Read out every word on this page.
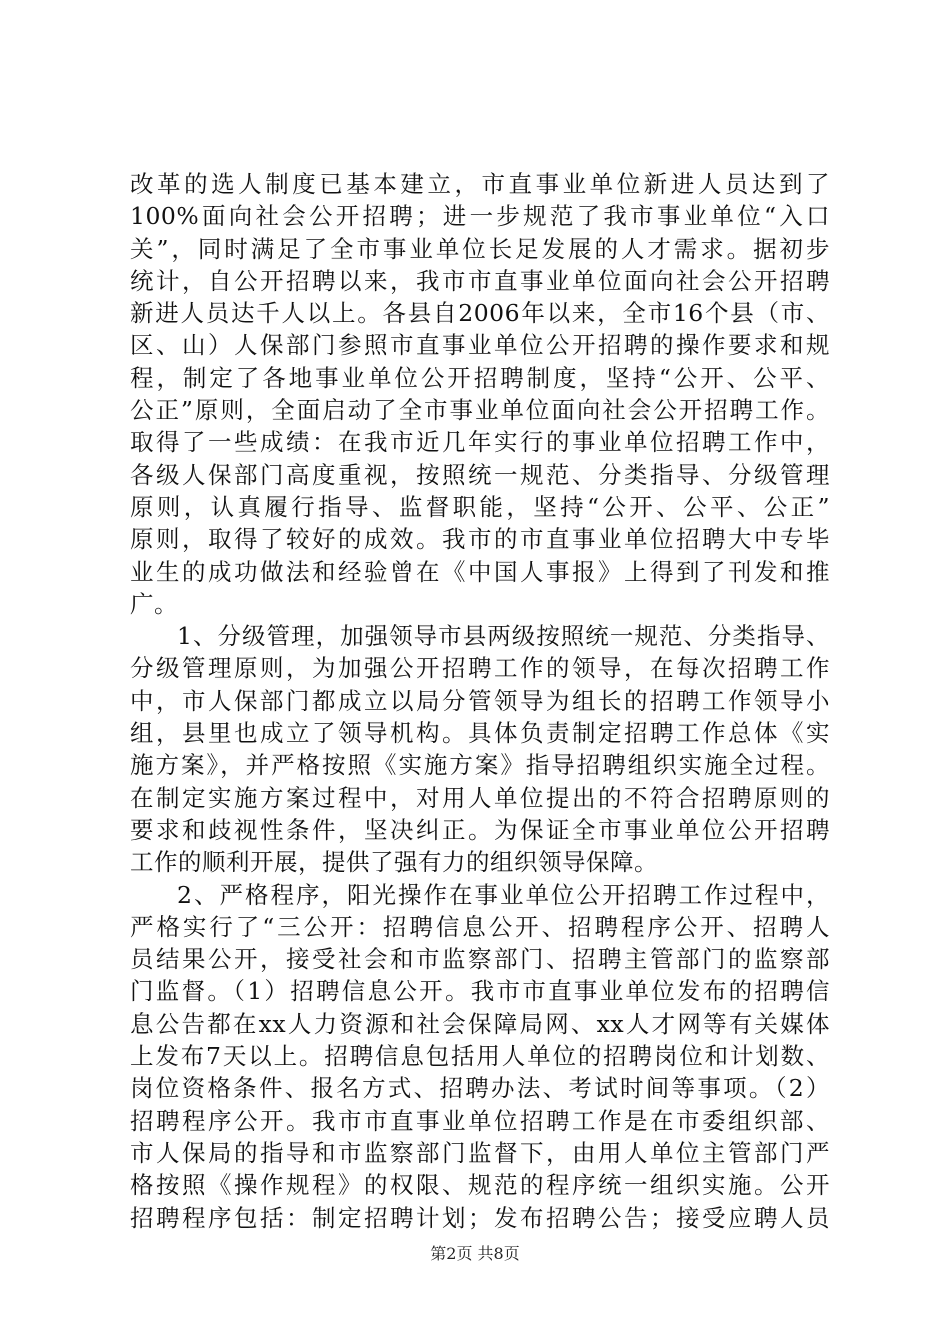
改革的选人制度已基本建立，市直事业单位新进人员达到了
100%面向社会公开招聘；进一步规范了我市事业单位“入口
关”，同时满足了全市事业单位长足发展的人才需求。据初步
统计，自公开招聘以来，我市市直事业单位面向社会公开招聘
新进人员达千人以上。各县自2006年以来，全市16个县（市、
区、山）人保部门参照市直事业单位公开招聘的操作要求和规
程，制定了各地事业单位公开招聘制度，坚持“公开、公平、
公正”原则，全面启动了全市事业单位面向社会公开招聘工作。
取得了一些成绩：在我市近几年实行的事业单位招聘工作中，
各级人保部门高度重视，按照统一规范、分类指导、分级管理
原则，认真履行指导、监督职能，坚持“公开、公平、公正”
原则，取得了较好的成效。我市的市直事业单位招聘大中专毕
业生的成功做法和经验曾在《中国人事报》上得到了刊发和推
广。
1、分级管理，加强领导市县两级按照统一规范、分类指导、
分级管理原则，为加强公开招聘工作的领导，在每次招聘工作
中，市人保部门都成立以局分管领导为组长的招聘工作领导小
组，县里也成立了领导机构。具体负责制定招聘工作总体《实
施方案》，并严格按照《实施方案》指导招聘组织实施全过程。
在制定实施方案过程中，对用人单位提出的不符合招聘原则的
要求和歧视性条件，坚决纠正。为保证全市事业单位公开招聘
工作的顺利开展，提供了强有力的组织领导保障。
2、严格程序，阳光操作在事业单位公开招聘工作过程中，
严格实行了“三公开：招聘信息公开、招聘程序公开、招聘人
员结果公开，接受社会和市监察部门、招聘主管部门的监察部
门监督。（1）招聘信息公开。我市市直事业单位发布的招聘信
息公告都在xx人力资源和社会保障局网、xx人才网等有关媒体
上发布7天以上。招聘信息包括用人单位的招聘岗位和计划数、
岗位资格条件、报名方式、招聘办法、考试时间等事项。（2）
招聘程序公开。我市市直事业单位招聘工作是在市委组织部、
市人保局的指导和市监察部门监督下，由用人单位主管部门严
格按照《操作规程》的权限、规范的程序统一组织实施。公开
招聘程序包括：制定招聘计划；发布招聘公告；接受应聘人员
第2页 共8页
